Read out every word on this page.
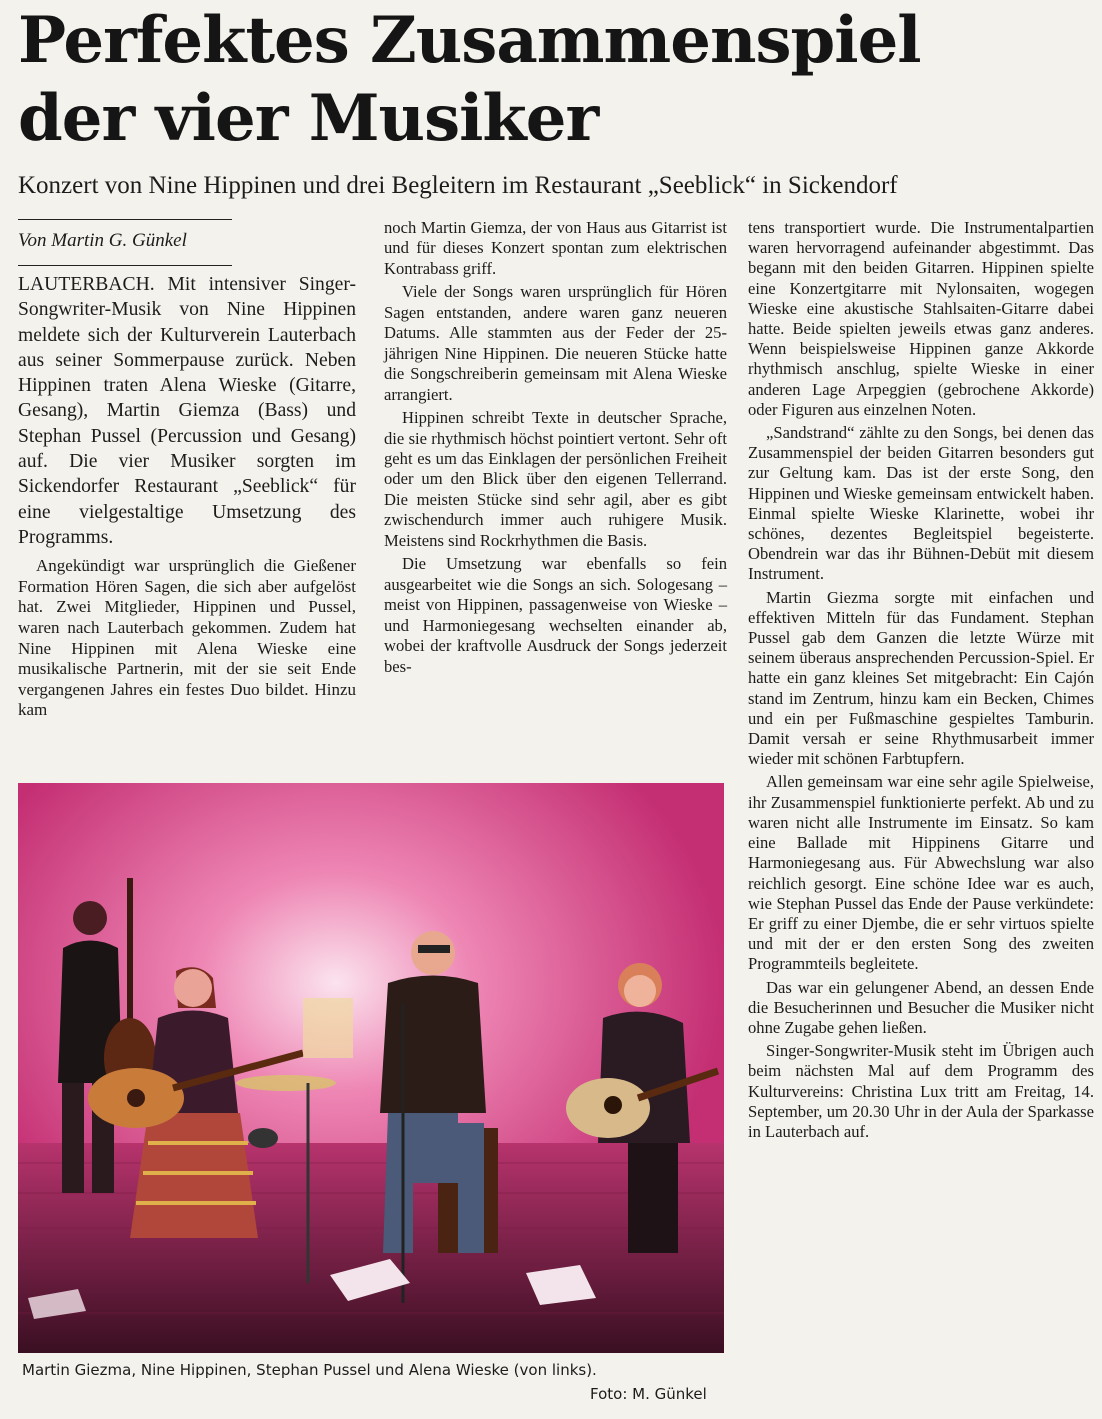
Perfektes Zusammenspiel
der vier Musiker
Konzert von Nine Hippinen und drei Begleitern im Restaurant „Seeblick“ in Sickendorf
Von Martin G. Günkel

LAUTERBACH. Mit intensiver Singer-Songwriter-Musik von Nine Hippinen meldete sich der Kulturverein Lauterbach aus seiner Sommerpause zurück. Neben Hippinen traten Alena Wieske (Gitarre, Gesang), Martin Giemza (Bass) und Stephan Pussel (Percussion und Gesang) auf. Die vier Musiker sorgten im Sickendorfer Restaurant „Seeblick“ für eine vielgestaltige Umsetzung des Programms.

Angekündigt war ursprünglich die Gießener Formation Hören Sagen, die sich aber aufgelöst hat. Zwei Mitglieder, Hippinen und Pussel, waren nach Lauterbach gekommen. Zudem hat Nine Hippinen mit Alena Wieske eine musikalische Partnerin, mit der sie seit Ende vergangenen Jahres ein festes Duo bildet. Hinzu kam

noch Martin Giemza, der von Haus aus Gitarrist ist und für dieses Konzert spontan zum elektrischen Kontrabass griff.

Viele der Songs waren ursprünglich für Hören Sagen entstanden, andere waren ganz neueren Datums. Alle stammten aus der Feder der 25-jährigen Nine Hippinen. Die neueren Stücke hatte die Songschreiberin gemeinsam mit Alena Wieske arrangiert.

Hippinen schreibt Texte in deutscher Sprache, die sie rhythmisch höchst pointiert vertont. Sehr oft geht es um das Einklagen der persönlichen Freiheit oder um den Blick über den eigenen Tellerrand. Die meisten Stücke sind sehr agil, aber es gibt zwischendurch immer auch ruhigere Musik. Meistens sind Rockrhythmen die Basis.

Die Umsetzung war ebenfalls so fein ausgearbeitet wie die Songs an sich. Sologesang – meist von Hippinen, passagenweise von Wieske – und Harmoniegesang wechselten einander ab, wobei der kraftvolle Ausdruck der Songs jederzeit bes-

tens transportiert wurde. Die Instrumentalpartien waren hervorragend aufeinander abgestimmt. Das begann mit den beiden Gitarren. Hippinen spielte eine Konzertgitarre mit Nylonsaiten, wogegen Wieske eine akustische Stahlsaiten-Gitarre dabei hatte. Beide spielten jeweils etwas ganz anderes. Wenn beispielsweise Hippinen ganze Akkorde rhythmisch anschlug, spielte Wieske in einer anderen Lage Arpeggien (gebrochene Akkorde) oder Figuren aus einzelnen Noten.

„Sandstrand“ zählte zu den Songs, bei denen das Zusammenspiel der beiden Gitarren besonders gut zur Geltung kam. Das ist der erste Song, den Hippinen und Wieske gemeinsam entwickelt haben. Einmal spielte Wieske Klarinette, wobei ihr schönes, dezentes Begleitspiel begeisterte. Obendrein war das ihr Bühnen-Debüt mit diesem Instrument.

Martin Giezma sorgte mit einfachen und effektiven Mitteln für das Fundament. Stephan Pussel gab dem Ganzen die letzte Würze mit seinem überaus ansprechenden Percussion-Spiel. Er hatte ein ganz kleines Set mitgebracht: Ein Cajón stand im Zentrum, hinzu kam ein Becken, Chimes und ein per Fußmaschine gespieltes Tamburin. Damit versah er seine Rhythmusarbeit immer wieder mit schönen Farbtupfern.

Allen gemeinsam war eine sehr agile Spielweise, ihr Zusammenspiel funktionierte perfekt. Ab und zu waren nicht alle Instrumente im Einsatz. So kam eine Ballade mit Hippinens Gitarre und Harmoniegesang aus. Für Abwechslung war also reichlich gesorgt. Eine schöne Idee war es auch, wie Stephan Pussel das Ende der Pause verkündete: Er griff zu einer Djembe, die er sehr virtuos spielte und mit der er den ersten Song des zweiten Programmteils begleitete.

Das war ein gelungener Abend, an dessen Ende die Besucherinnen und Besucher die Musiker nicht ohne Zugabe gehen ließen.

Singer-Songwriter-Musik steht im Übrigen auch beim nächsten Mal auf dem Programm des Kulturvereins: Christina Lux tritt am Freitag, 14. September, um 20.30 Uhr in der Aula der Sparkasse in Lauterbach auf.

Martin Giezma, Nine Hippinen, Stephan Pussel und Alena Wieske (von links).
Foto: M. Günkel
